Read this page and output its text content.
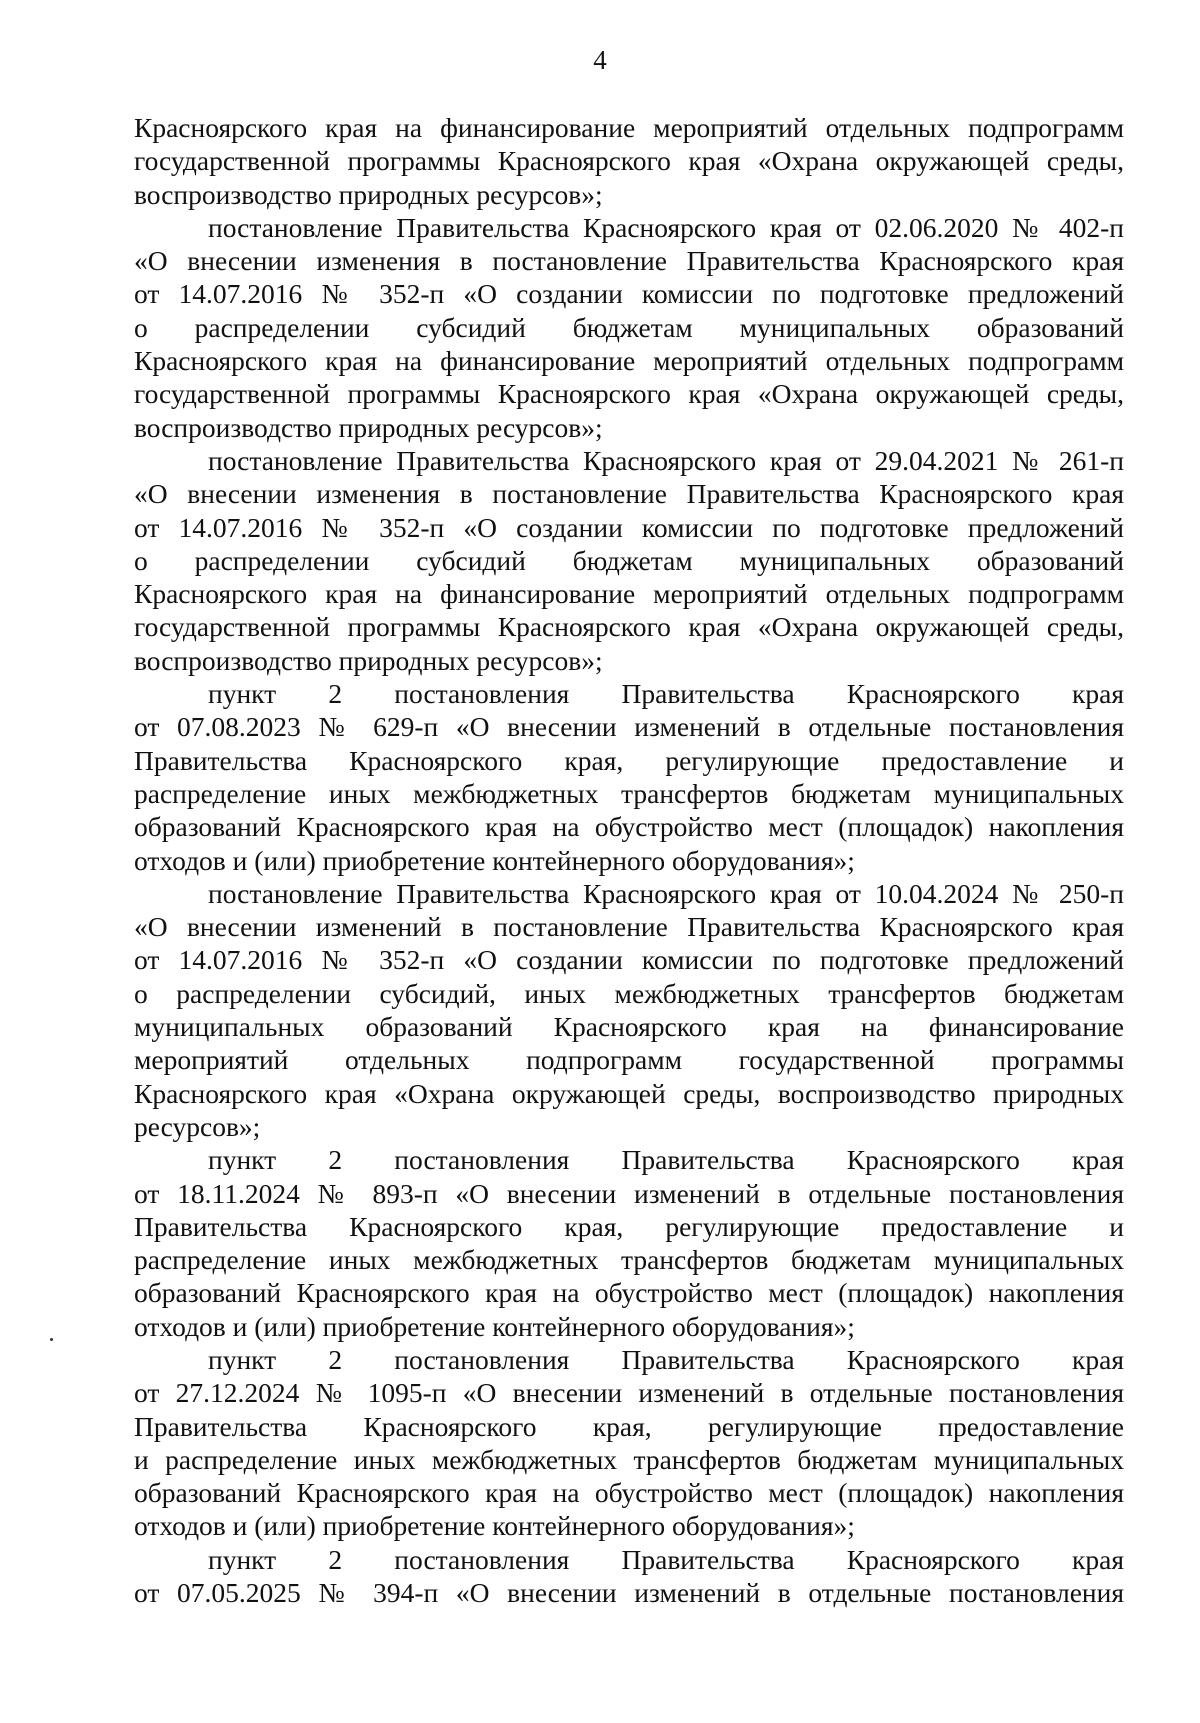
4
Красноярского края на финансирование мероприятий отдельных подпрограмм
государственной программы Красноярского края «Охрана окружающей среды,
воспроизводство природных ресурсов»;
постановление Правительства Красноярского края от 02.06.2020 № 402-п
«О внесении изменения в постановление Правительства Красноярского края
от 14.07.2016 № 352-п «О создании комиссии по подготовке предложений
о распределении субсидий бюджетам муниципальных образований
Красноярского края на финансирование мероприятий отдельных подпрограмм
государственной программы Красноярского края «Охрана окружающей среды,
воспроизводство природных ресурсов»;
постановление Правительства Красноярского края от 29.04.2021 № 261-п
«О внесении изменения в постановление Правительства Красноярского края
от 14.07.2016 № 352-п «О создании комиссии по подготовке предложений
о распределении субсидий бюджетам муниципальных образований
Красноярского края на финансирование мероприятий отдельных подпрограмм
государственной программы Красноярского края «Охрана окружающей среды,
воспроизводство природных ресурсов»;
пункт 2 постановления Правительства Красноярского края
от 07.08.2023 № 629-п «О внесении изменений в отдельные постановления
Правительства Красноярского края, регулирующие предоставление и
распределение иных межбюджетных трансфертов бюджетам муниципальных
образований Красноярского края на обустройство мест (площадок) накопления
отходов и (или) приобретение контейнерного оборудования»;
постановление Правительства Красноярского края от 10.04.2024 № 250-п
«О внесении изменений в постановление Правительства Красноярского края
от 14.07.2016 № 352-п «О создании комиссии по подготовке предложений
о распределении субсидий, иных межбюджетных трансфертов бюджетам
муниципальных образований Красноярского края на финансирование
мероприятий отдельных подпрограмм государственной программы
Красноярского края «Охрана окружающей среды, воспроизводство природных
ресурсов»;
пункт 2 постановления Правительства Красноярского края
от 18.11.2024 № 893-п «О внесении изменений в отдельные постановления
Правительства Красноярского края, регулирующие предоставление и
распределение иных межбюджетных трансфертов бюджетам муниципальных
образований Красноярского края на обустройство мест (площадок) накопления
отходов и (или) приобретение контейнерного оборудования»;
пункт 2 постановления Правительства Красноярского края
от 27.12.2024 № 1095-п «О внесении изменений в отдельные постановления
Правительства Красноярского края, регулирующие предоставление
и распределение иных межбюджетных трансфертов бюджетам муниципальных
образований Красноярского края на обустройство мест (площадок) накопления
отходов и (или) приобретение контейнерного оборудования»;
пункт 2 постановления Правительства Красноярского края
от 07.05.2025 № 394-п «О внесении изменений в отдельные постановления
